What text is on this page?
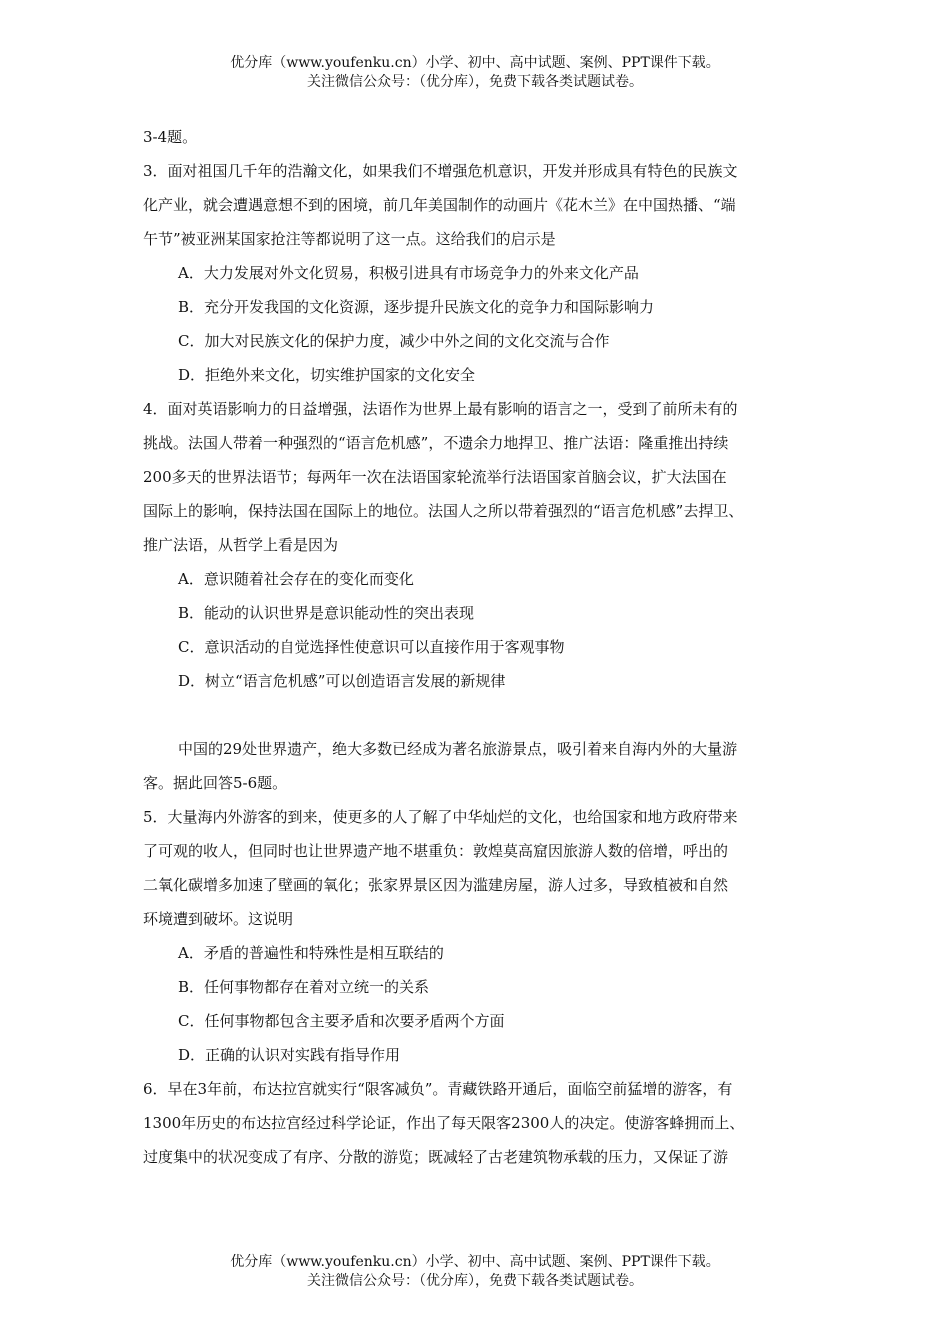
优分库（www.youfenku.cn）小学、初中、高中试题、案例、PPT课件下载。
关注微信公众号：（优分库），免费下载各类试题试卷。
3-4题。
3．面对祖国几千年的浩瀚文化，如果我们不增强危机意识，开发并形成具有特色的民族文
化产业，就会遭遇意想不到的困境，前几年美国制作的动画片《花木兰》在中国热播、“端
午节”被亚洲某国家抢注等都说明了这一点。这给我们的启示是
A．大力发展对外文化贸易，积极引进具有市场竞争力的外来文化产品
B．充分开发我国的文化资源，逐步提升民族文化的竞争力和国际影响力
C．加大对民族文化的保护力度，减少中外之间的文化交流与合作
D．拒绝外来文化，切实维护国家的文化安全
4．面对英语影响力的日益增强，法语作为世界上最有影响的语言之一，受到了前所未有的
挑战。法国人带着一种强烈的“语言危机感”，不遗余力地捍卫、推广法语：隆重推出持续
200多天的世界法语节；每两年一次在法语国家轮流举行法语国家首脑会议，扩大法国在
国际上的影响，保持法国在国际上的地位。法国人之所以带着强烈的“语言危机感”去捍卫、
推广法语，从哲学上看是因为
A．意识随着社会存在的变化而变化
B．能动的认识世界是意识能动性的突出表现
C．意识活动的自觉选择性使意识可以直接作用于客观事物
D．树立“语言危机感”可以创造语言发展的新规律
中国的29处世界遗产，绝大多数已经成为著名旅游景点，吸引着来自海内外的大量游
客。据此回答5-6题。
5．大量海内外游客的到来，使更多的人了解了中华灿烂的文化，也给国家和地方政府带来
了可观的收人，但同时也让世界遗产地不堪重负：敦煌莫高窟因旅游人数的倍增，呼出的
二氧化碳增多加速了壁画的氧化；张家界景区因为滥建房屋，游人过多，导致植被和自然
环境遭到破坏。这说明
A．矛盾的普遍性和特殊性是相互联结的
B．任何事物都存在着对立统一的关系
C．任何事物都包含主要矛盾和次要矛盾两个方面
D．正确的认识对实践有指导作用
6．早在3年前，布达拉宫就实行“限客减负”。青藏铁路开通后，面临空前猛增的游客，有
1300年历史的布达拉宫经过科学论证，作出了每天限客2300人的决定。使游客蜂拥而上、
过度集中的状况变成了有序、分散的游览；既减轻了古老建筑物承载的压力，又保证了游
优分库（www.youfenku.cn）小学、初中、高中试题、案例、PPT课件下载。
关注微信公众号：（优分库），免费下载各类试题试卷。
